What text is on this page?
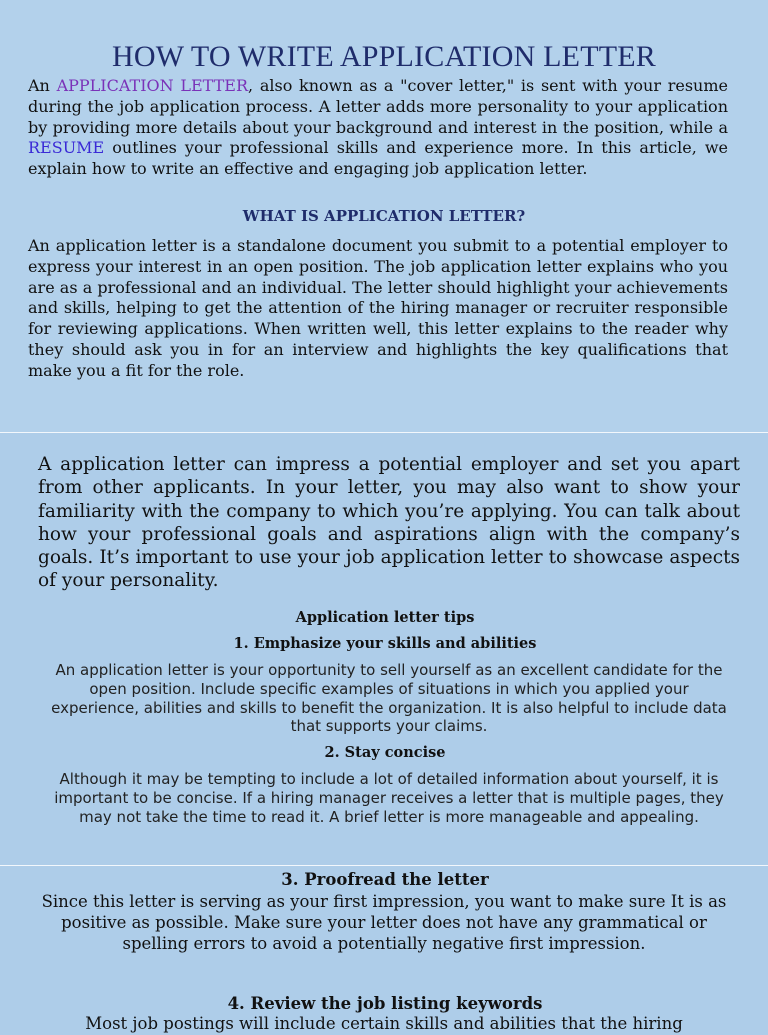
HOW TO WRITE APPLICATION LETTER

An APPLICATION LETTER, also known as a "cover letter," is sent with your resume during the job application process. A letter adds more personality to your application by providing more details about your background and interest in the position, while a RESUME outlines your professional skills and experience more. In this article, we explain how to write an effective and engaging job application letter.

WHAT IS APPLICATION LETTER?

An application letter is a standalone document you submit to a potential employer to express your interest in an open position. The job application letter explains who you are as a professional and an individual. The letter should highlight your achievements and skills, helping to get the attention of the hiring manager or recruiter responsible for reviewing applications. When written well, this letter explains to the reader why they should ask you in for an interview and highlights the key qualifications that make you a fit for the role.

A application letter can impress a potential employer and set you apart from other applicants. In your letter, you may also want to show your familiarity with the company to which you’re applying. You can talk about how your professional goals and aspirations align with the company’s goals. It’s important to use your job application letter to showcase aspects of your personality.

Application letter tips
1. Emphasize your skills and abilities

An application letter is your opportunity to sell yourself as an excellent candidate for the open position. Include specific examples of situations in which you applied your experience, abilities and skills to benefit the organization. It is also helpful to include data that supports your claims.

2. Stay concise

Although it may be tempting to include a lot of detailed information about yourself, it is important to be concise. If a hiring manager receives a letter that is multiple pages, they may not take the time to read it. A brief letter is more manageable and appealing.

3. Proofread the letter

Since this letter is serving as your first impression, you want to make sure It is as positive as possible. Make sure your letter does not have any grammatical or spelling errors to avoid a potentially negative first impression.

4. Review the job listing keywords

Most job postings will include certain skills and abilities that the hiring
